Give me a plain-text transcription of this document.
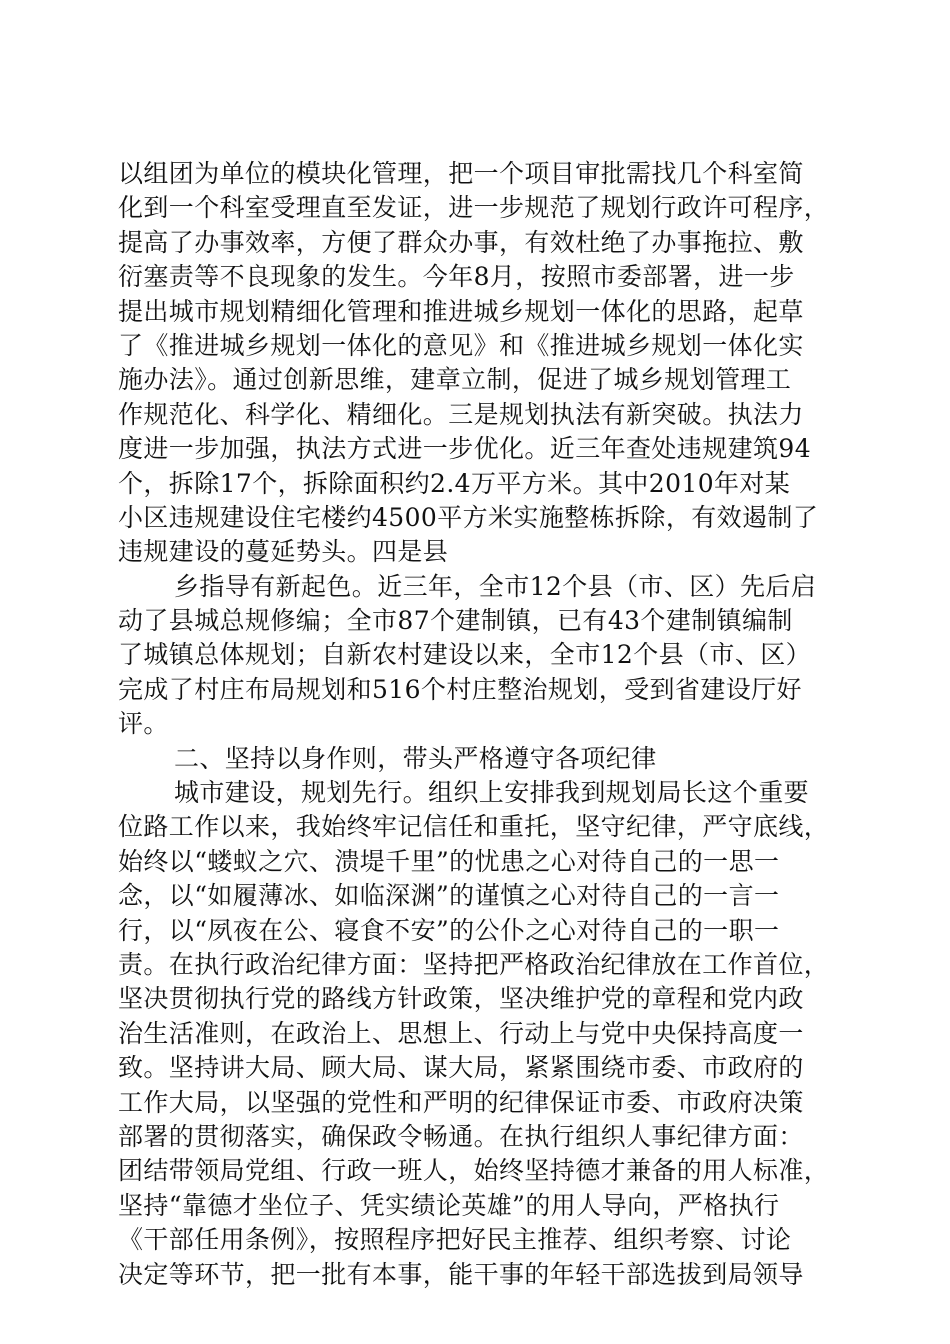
以组团为单位的模块化管理，把一个项目审批需找几个科室简
化到一个科室受理直至发证，进一步规范了规划行政许可程序，
提高了办事效率，方便了群众办事，有效杜绝了办事拖拉、敷
衍塞责等不良现象的发生。今年8月，按照市委部署，进一步
提出城市规划精细化管理和推进城乡规划一体化的思路，起草
了《推进城乡规划一体化的意见》和《推进城乡规划一体化实
施办法》。通过创新思维，建章立制，促进了城乡规划管理工
作规范化、科学化、精细化。三是规划执法有新突破。执法力
度进一步加强，执法方式进一步优化。近三年查处违规建筑94
个，拆除17个，拆除面积约2.4万平方米。其中2010年对某
小区违规建设住宅楼约4500平方米实施整栋拆除，有效遏制了
违规建设的蔓延势头。四是县
乡指导有新起色。近三年，全市12个县（市、区）先后启
动了县城总规修编；全市87个建制镇，已有43个建制镇编制
了城镇总体规划；自新农村建设以来，全市12个县（市、区）
完成了村庄布局规划和516个村庄整治规划，受到省建设厅好
评。
二、坚持以身作则，带头严格遵守各项纪律
城市建设，规划先行。组织上安排我到规划局长这个重要
位路工作以来，我始终牢记信任和重托，坚守纪律，严守底线，
始终以“蝼蚁之穴、溃堤千里”的忧患之心对待自己的一思一
念，以“如履薄冰、如临深渊”的谨慎之心对待自己的一言一
行，以“夙夜在公、寝食不安”的公仆之心对待自己的一职一
责。在执行政治纪律方面：坚持把严格政治纪律放在工作首位，
坚决贯彻执行党的路线方针政策，坚决维护党的章程和党内政
治生活准则，在政治上、思想上、行动上与党中央保持高度一
致。坚持讲大局、顾大局、谋大局，紧紧围绕市委、市政府的
工作大局，以坚强的党性和严明的纪律保证市委、市政府决策
部署的贯彻落实，确保政令畅通。在执行组织人事纪律方面：
团结带领局党组、行政一班人，始终坚持德才兼备的用人标准，
坚持“靠德才坐位子、凭实绩论英雄”的用人导向，严格执行
《干部任用条例》，按照程序把好民主推荐、组织考察、讨论
决定等环节，把一批有本事，能干事的年轻干部选拔到局领导
